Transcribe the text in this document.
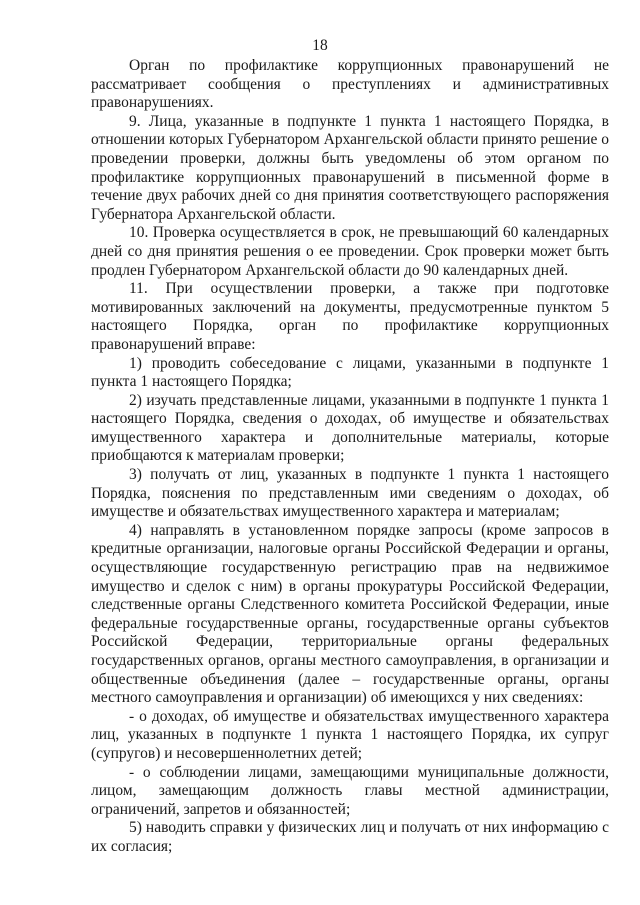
18

Орган по профилактике коррупционных правонарушений не рассматривает сообщения о преступлениях и административных правонарушениях.

9. Лица, указанные в подпункте 1 пункта 1 настоящего Порядка, в отношении которых Губернатором Архангельской области принято решение о проведении проверки, должны быть уведомлены об этом органом по профилактике коррупционных правонарушений в письменной форме в течение двух рабочих дней со дня принятия соответствующего распоряжения Губернатора Архангельской области.

10. Проверка осуществляется в срок, не превышающий 60 календарных дней со дня принятия решения о ее проведении. Срок проверки может быть продлен Губернатором Архангельской области до 90 календарных дней.

11. При осуществлении проверки, а также при подготовке мотивированных заключений на документы, предусмотренные пунктом 5 настоящего Порядка, орган по профилактике коррупционных правонарушений вправе:

1) проводить собеседование с лицами, указанными в подпункте 1 пункта 1 настоящего Порядка;

2) изучать представленные лицами, указанными в подпункте 1 пункта 1 настоящего Порядка, сведения о доходах, об имуществе и обязательствах имущественного характера и дополнительные материалы, которые приобщаются к материалам проверки;

3) получать от лиц, указанных в подпункте 1 пункта 1 настоящего Порядка, пояснения по представленным ими сведениям о доходах, об имуществе и обязательствах имущественного характера и материалам;

4) направлять в установленном порядке запросы (кроме запросов в кредитные организации, налоговые органы Российской Федерации и органы, осуществляющие государственную регистрацию прав на недвижимое имущество и сделок с ним) в органы прокуратуры Российской Федерации, следственные органы Следственного комитета Российской Федерации, иные федеральные государственные органы, государственные органы субъектов Российской Федерации, территориальные органы федеральных государственных органов, органы местного самоуправления, в организации и общественные объединения (далее – государственные органы, органы местного самоуправления и организации) об имеющихся у них сведениях:

- о доходах, об имуществе и обязательствах имущественного характера лиц, указанных в подпункте 1 пункта 1 настоящего Порядка, их супруг (супругов) и несовершеннолетних детей;

- о соблюдении лицами, замещающими муниципальные должности, лицом, замещающим должность главы местной администрации, ограничений, запретов и обязанностей;

5) наводить справки у физических лиц и получать от них информацию с их согласия;
